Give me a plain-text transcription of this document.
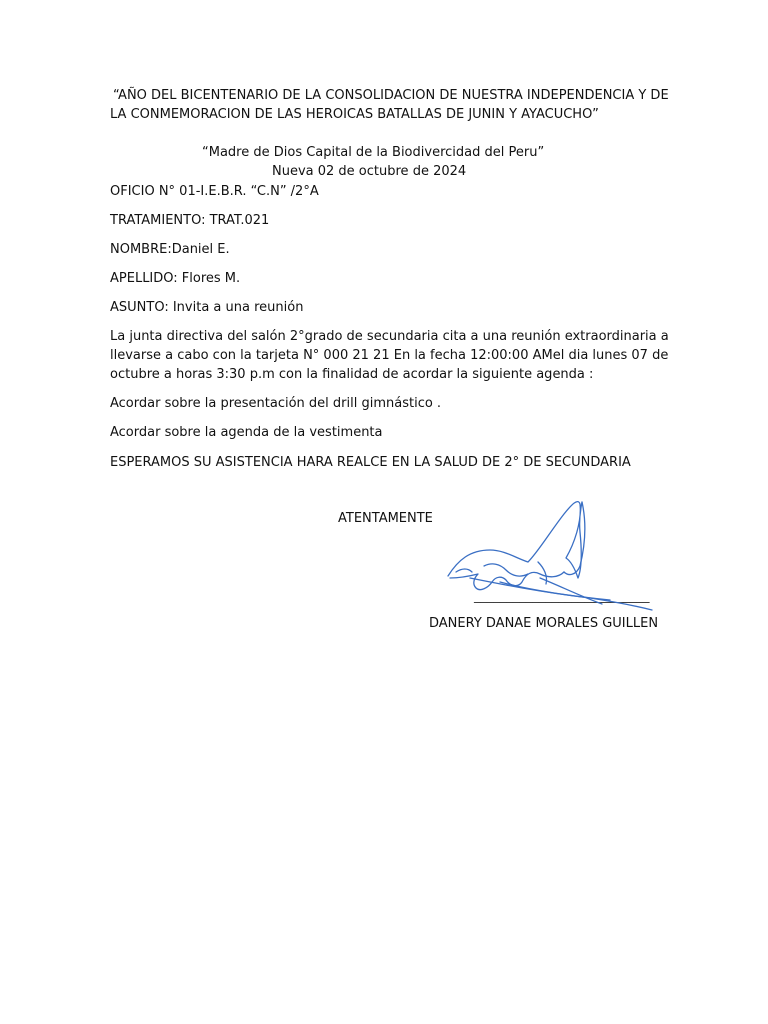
“AÑO DEL BICENTENARIO DE LA CONSOLIDACION DE NUESTRA INDEPENDENCIA Y DE
LA CONMEMORACION DE LAS HEROICAS BATALLAS DE JUNIN Y AYACUCHO”
“Madre de Dios Capital de la Biodivercidad del Peru”
Nueva 02 de octubre de 2024
OFICIO N° 01-I.E.B.R. “C.N” /2°A
TRATAMIENTO: TRAT.021
NOMBRE:Daniel E.
APELLIDO: Flores M.
ASUNTO: Invita a una reunión
La junta directiva del salón 2°grado de secundaria cita a una reunión extraordinaria a
llevarse a cabo con la tarjeta N° 000 21 21 En la fecha 12:00:00 AMel dia lunes 07 de
octubre a horas 3:30 p.m con la finalidad de acordar la siguiente agenda :
Acordar sobre la presentación del drill gimnástico .
Acordar sobre la agenda de la vestimenta
ESPERAMOS SU ASISTENCIA HARA REALCE EN LA SALUD DE 2° DE SECUNDARIA
ATENTAMENTE
___________________________
DANERY DANAE MORALES GUILLEN
